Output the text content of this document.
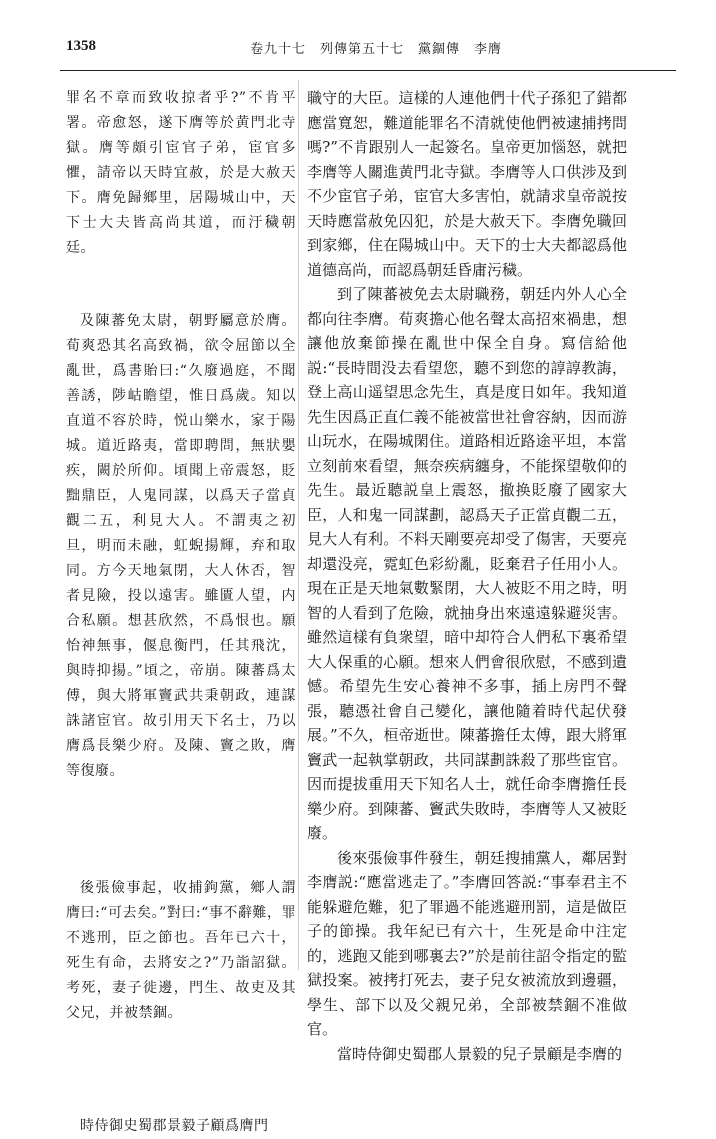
1358	卷九十七　列傳第五十七　黨錮傳　李膺

罪名不章而致收掠者乎?”不肯平署。帝愈怒，遂下膺等於黄門北寺獄。膺等頗引宦官子弟，宦官多懼，請帝以天時宜赦，於是大赦天下。膺免歸鄉里，居陽城山中，天下士大夫皆高尚其道，而汙穢朝廷。

及陳蕃免太尉，朝野屬意於膺。荀爽恐其名高致禍，欲令屈節以全亂世，爲書貽曰:“久廢過庭，不聞善誘，陟岵瞻望，惟日爲歲。知以直道不容於時，悦山樂水，家于陽城。道近路夷，當即聘問，無狀嬰疾，闕於所仰。頃聞上帝震怒，貶黜鼎臣，人鬼同謀，以爲天子當貞觀二五，利見大人。不謂夷之初旦，明而未融，虹蜺揚輝，弃和取同。方今天地氣閉，大人休否，智者見險，投以遠害。雖匱人望，内合私願。想甚欣然，不爲恨也。願怡神無事，偃息衡門，任其飛沈，與時抑揚。”頃之，帝崩。陳蕃爲太傅，與大將軍竇武共秉朝政，連謀誅諸宦官。故引用天下名士，乃以膺爲長樂少府。及陳、竇之敗，膺等復廢。

後張儉事起，收捕鉤黨，鄉人謂膺曰:“可去矣。”對曰:“事不辭難，罪不逃刑，臣之節也。吾年已六十，死生有命，去將安之?”乃詣詔獄。考死，妻子徙邊，門生、故吏及其父兄，并被禁錮。

時侍御史蜀郡景毅子顧爲膺門

職守的大臣。這樣的人連他們十代子孫犯了錯都應當寬恕，難道能罪名不清就使他們被逮捕拷問嗎?”不肯跟别人一起簽名。皇帝更加惱怒，就把李膺等人關進黄門北寺獄。李膺等人口供涉及到不少宦官子弟，宦官大多害怕，就請求皇帝説按天時應當赦免囚犯，於是大赦天下。李膺免職回到家鄉，住在陽城山中。天下的士大夫都認爲他道德高尚，而認爲朝廷昏庸污穢。

到了陳蕃被免去太尉職務，朝廷内外人心全都向往李膺。荀爽擔心他名聲太高招來禍患，想讓他放棄節操在亂世中保全自身。寫信給他説:“長時間没去看望您，聽不到您的諄諄教誨，登上高山遥望思念先生，真是度日如年。我知道先生因爲正直仁義不能被當世社會容納，因而游山玩水，在陽城閑住。道路相近路途平坦，本當立刻前來看望，無奈疾病纏身，不能探望敬仰的先生。最近聽説皇上震怒，撤换貶廢了國家大臣，人和鬼一同謀劃，認爲天子正當貞觀二五，見大人有利。不料天剛要亮却受了傷害，天要亮却還没亮，霓虹色彩紛亂，貶棄君子任用小人。現在正是天地氣數緊閉，大人被貶不用之時，明智的人看到了危險，就抽身出來遠遠躲避災害。雖然這樣有負衆望，暗中却符合人們私下裏希望大人保重的心願。想來人們會很欣慰，不感到遺憾。希望先生安心養神不多事，插上房門不聲張，聽憑社會自己變化，讓他隨着時代起伏發展。”不久，桓帝逝世。陳蕃擔任太傅，跟大將軍竇武一起執掌朝政，共同謀劃誅殺了那些宦官。因而提拔重用天下知名人士，就任命李膺擔任長樂少府。到陳蕃、竇武失敗時，李膺等人又被貶廢。

後來張儉事件發生，朝廷搜捕黨人，鄰居對李膺説:“應當逃走了。”李膺回答説:“事奉君主不能躲避危難，犯了罪過不能逃避刑罰，這是做臣子的節操。我年紀已有六十，生死是命中注定的，逃跑又能到哪裏去?”於是前往詔令指定的監獄投案。被拷打死去，妻子兒女被流放到邊疆，學生、部下以及父親兄弟，全部被禁錮不准做官。

當時侍御史蜀郡人景毅的兒子景顧是李膺的
